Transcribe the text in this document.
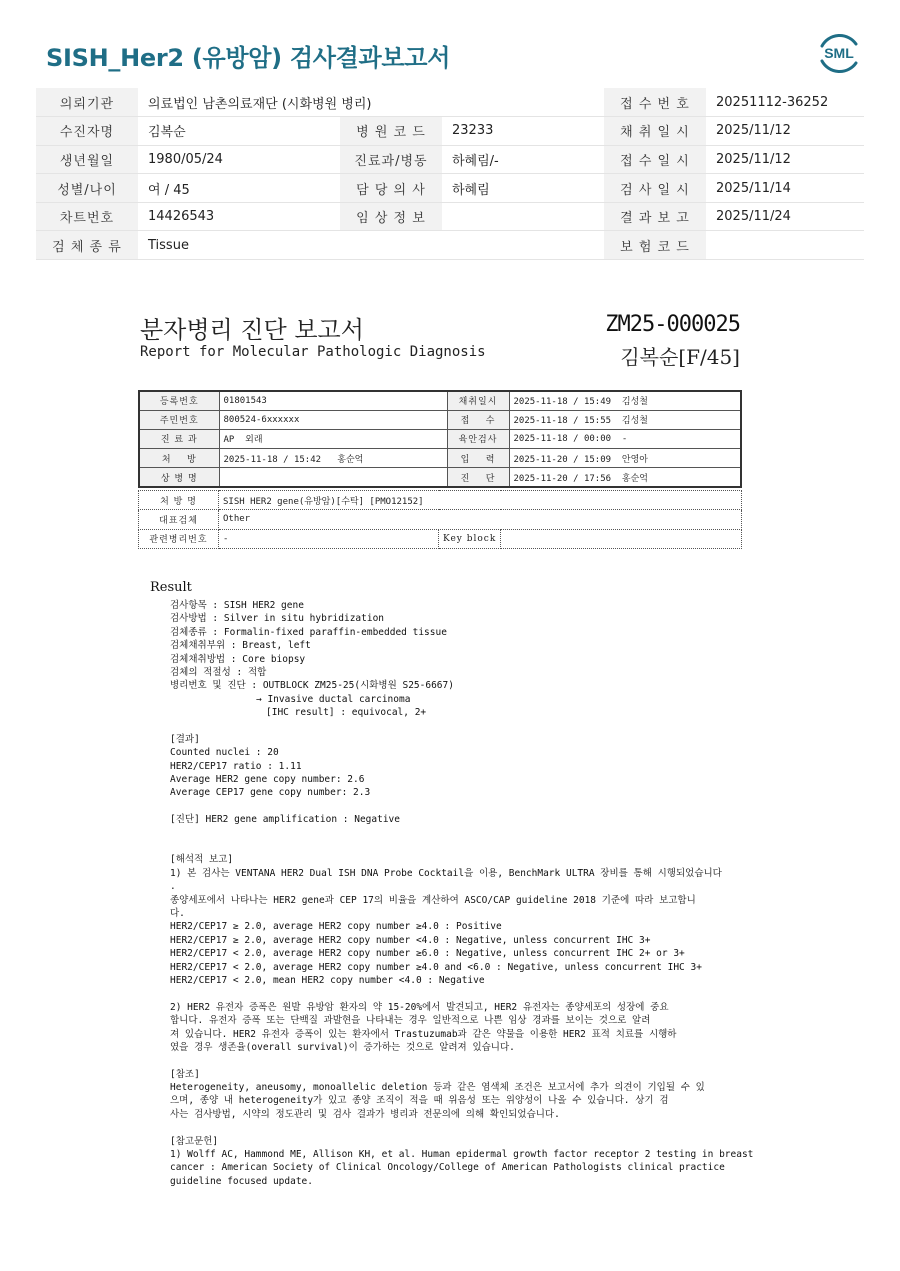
SISH_Her2 (유방암) 검사결과보고서	SML
의뢰기관	의료법인 남촌의료재단 (시화병원 병리)			접 수 번 호	20251112-36252
수진자명	김복순	병 원 코 드	23233	채 취 일 시	2025/11/12
생년월일	1980/05/24	진료과/병동	하혜림/-	접 수 일 시	2025/11/12
성별/나이	여 / 45	담 당 의 사	하혜림	검 사 일 시	2025/11/14
차트번호	14426543	임 상 정 보		결 과 보 고	2025/11/24
검 체 종 류	Tissue			보 험 코 드	
분자병리 진단 보고서
Report for Molecular Pathologic Diagnosis
ZM25-000025
김복순[F/45]
등록번호	01801543	채취일시	2025-11-18 / 15:49  김성철
주민번호	800524-6xxxxxx	접    수	2025-11-18 / 15:55  김성철
진 료 과	AP  외래	육안검사	2025-11-18 / 00:00  -
처    방	2025-11-18 / 15:42   홍순억	입    력	2025-11-20 / 15:09  안영아
상 병 명		진    단	2025-11-20 / 17:56  홍순억
처 방 명	SISH HER2 gene(유방암)[수탁] [PMO12152]		
대표검체	Other		
관련병리번호	-	Key block	
Result
검사항목 : SISH HER2 gene
검사방법 : Silver in situ hybridization
검체종류 : Formalin-fixed paraffin-embedded tissue
검체채취부위 : Breast, left
검체채취방법 : Core biopsy
검체의 적절성 : 적합
병리번호 및 진단 : OUTBLOCK ZM25-25(시화병원 S25-6667)
→ Invasive ductal carcinoma
[IHC result] : equivocal, 2+
[결과]
Counted nuclei : 20
HER2/CEP17 ratio : 1.11
Average HER2 gene copy number: 2.6
Average CEP17 gene copy number: 2.3
[진단] HER2 gene amplification : Negative
[해석적 보고]
1) 본 검사는 VENTANA HER2 Dual ISH DNA Probe Cocktail을 이용, BenchMark ULTRA 장비를 통해 시행되었습니다
.
종양세포에서 나타나는 HER2 gene과 CEP 17의 비율을 계산하여 ASCO/CAP guideline 2018 기준에 따라 보고합니
다.
HER2/CEP17 ≥ 2.0, average HER2 copy number ≥4.0 : Positive
HER2/CEP17 ≥ 2.0, average HER2 copy number <4.0 : Negative, unless concurrent IHC 3+
HER2/CEP17 < 2.0, average HER2 copy number ≥6.0 : Negative, unless concurrent IHC 2+ or 3+
HER2/CEP17 < 2.0, average HER2 copy number ≥4.0 and <6.0 : Negative, unless concurrent IHC 3+
HER2/CEP17 < 2.0, mean HER2 copy number <4.0 : Negative
2) HER2 유전자 증폭은 원발 유방암 환자의 약 15-20%에서 발견되고, HER2 유전자는 종양세포의 성장에 중요
합니다. 유전자 증폭 또는 단백질 과발현을 나타내는 경우 일반적으로 나쁜 임상 경과를 보이는 것으로 알려
져 있습니다. HER2 유전자 증폭이 있는 환자에서 Trastuzumab과 같은 약물을 이용한 HER2 표적 치료를 시행하
였을 경우 생존율(overall survival)이 증가하는 것으로 알려져 있습니다.
[참조]
Heterogeneity, aneusomy, monoallelic deletion 등과 같은 염색체 조건은 보고서에 추가 의견이 기입될 수 있
으며, 종양 내 heterogeneity가 있고 종양 조직이 적을 때 위음성 또는 위양성이 나올 수 있습니다. 상기 검
사는 검사방법, 시약의 정도관리 및 검사 결과가 병리과 전문의에 의해 확인되었습니다.
[참고문헌]
1) Wolff AC, Hammond ME, Allison KH, et al. Human epidermal growth factor receptor 2 testing in breast
cancer : American Society of Clinical Oncology/College of American Pathologists clinical practice
guideline focused update.
